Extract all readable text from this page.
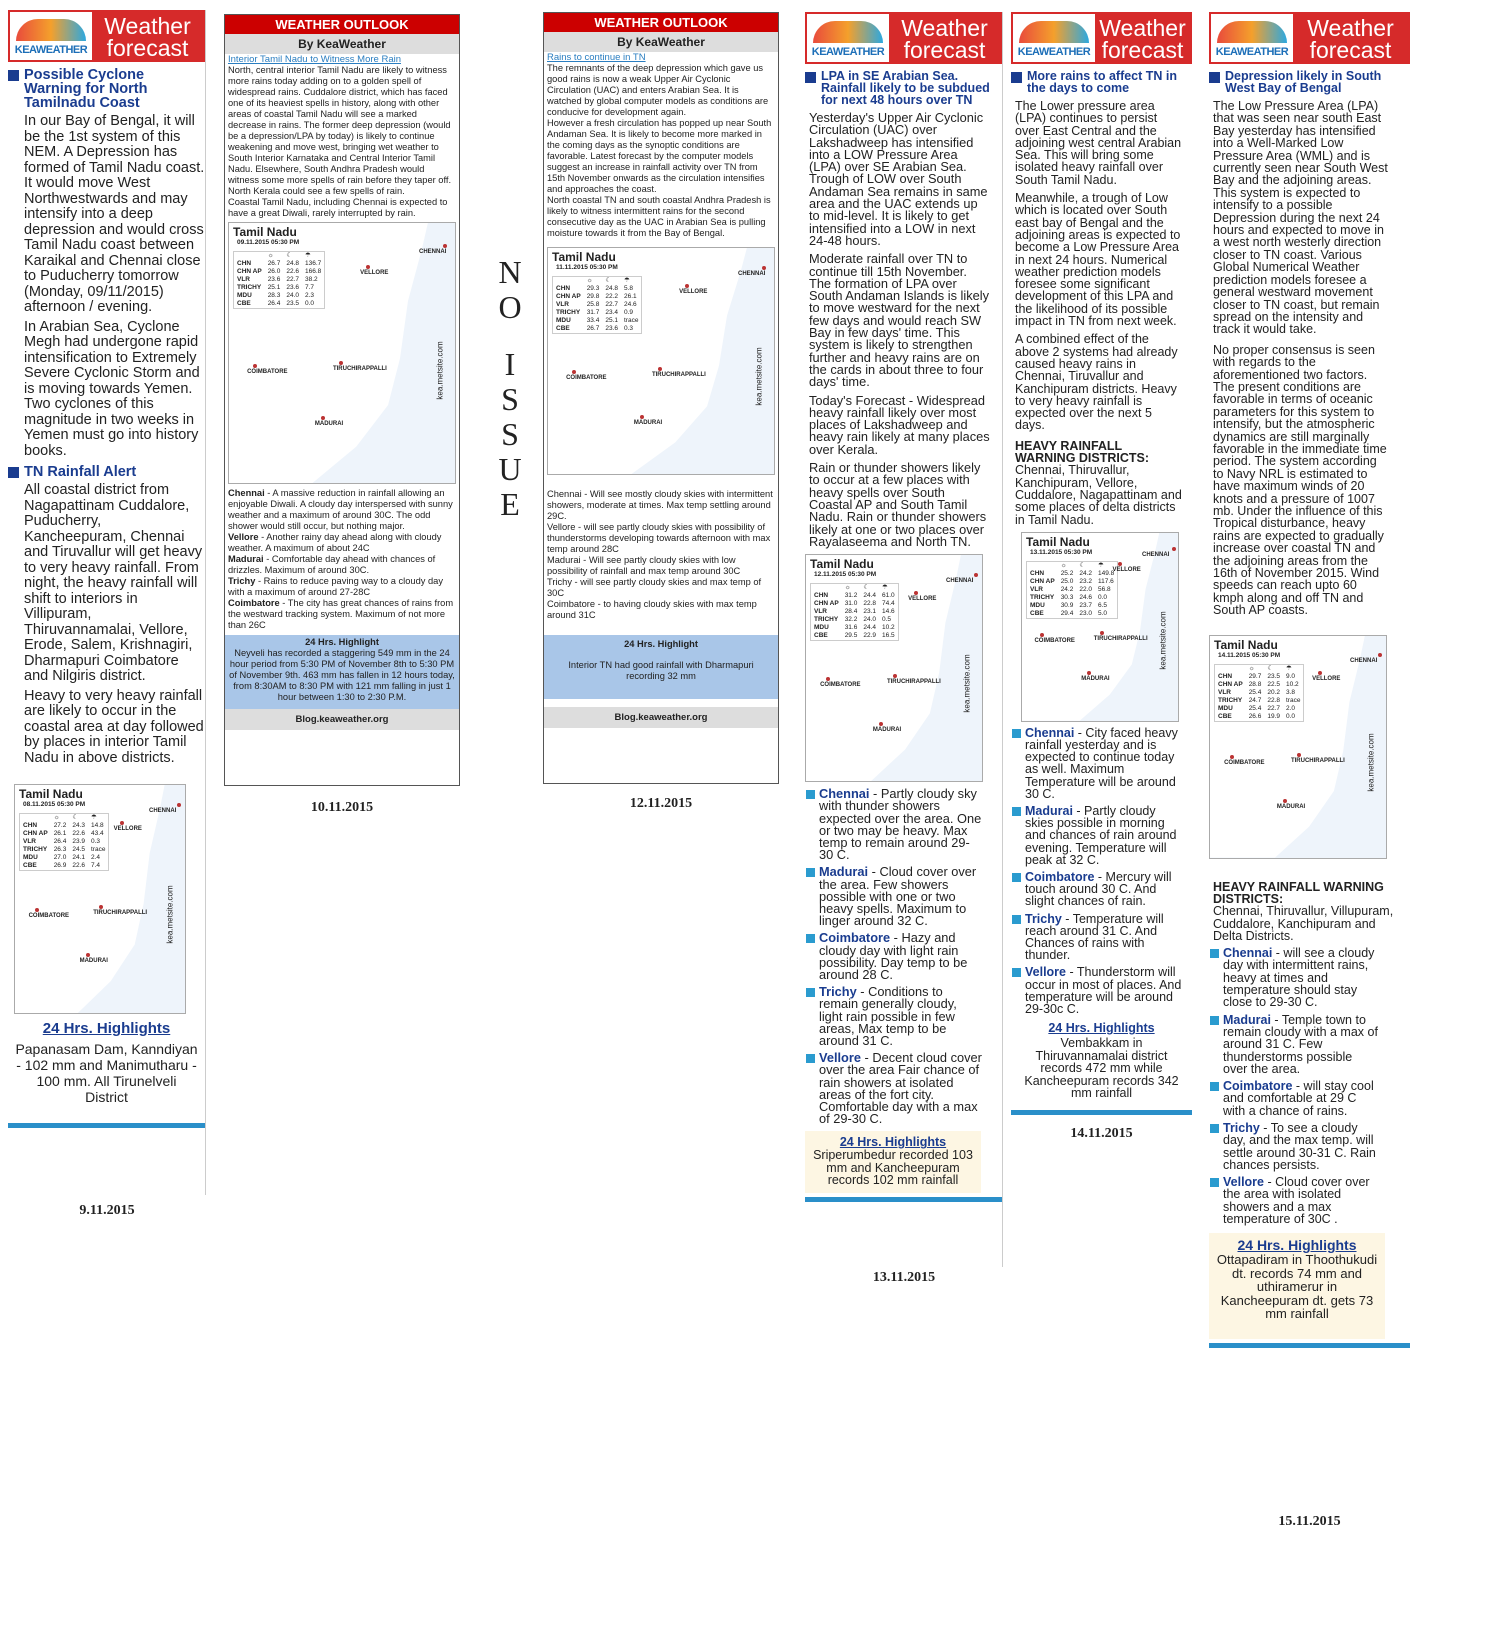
KEAWEATHER
Weather
forecast
Possible Cyclone Warning for North Tamilnadu Coast
In our Bay of Bengal, it will be the 1st system of this NEM. A Depression has formed of Tamil Nadu coast. It would move West Northwestwards and may intensify into a deep depression and would cross Tamil Nadu coast between Karaikal and Chennai close to Puducherry tomorrow (Monday, 09/11/2015) afternoon / evening.
In Arabian Sea, Cyclone Megh had undergone rapid intensification to Extremely Severe Cyclonic Storm and is moving towards Yemen. Two cyclones of this magnitude in two weeks in Yemen must go into history books.
TN Rainfall Alert
All coastal district from Nagapattinam Cuddalore, Puducherry, Kancheepuram, Chennai and Tiruvallur will get heavy to very heavy rainfall. From night, the heavy rainfall will shift to interiors in Villipuram, Thiruvannamalai, Vellore, Erode, Salem, Krishnagiri, Dharmapuri Coimbatore and Nilgiris district.
Heavy to very heavy rainfall are likely to occur in the coastal area at day followed by places in interior Tamil Nadu in above districts.
Tamil Nadu
08.11.2015 05:30 PM
	☼	☾	☂
CHN	27.2	24.3	14.8
CHN AP	26.1	22.6	43.4
VLR	26.4	23.9	0.3
TRICHY	26.3	24.5	trace
MDU	27.0	24.1	2.4
CBE	26.9	22.6	7.4
CHENNAI
VELLORE
COIMBATORE	TIRUCHIRAPPALLI
MADURAI
kea.metsite.com
24 Hrs. Highlights
Papanasam Dam, Kanndiyan - 102 mm and Manimutharu - 100 mm. All Tirunelveli District
9.11.2015
WEATHER OUTLOOK
By KeaWeather
Interior Tamil Nadu to Witness More Rain
North, central interior Tamil Nadu are likely to witness more rains today adding on to a golden spell of widespread rains. Cuddalore district, which has faced one of its heaviest spells in history, along with other areas of coastal Tamil Nadu will see a marked decrease in rains. The former deep depression (would be a depression/LPA by today) is likely to continue weakening and move west, bringing wet weather to South Interior Karnataka and Central Interior Tamil Nadu. Elsewhere, South Andhra Pradesh would witness some more spells of rain before they taper off. North Kerala could see a few spells of rain.
Coastal Tamil Nadu, including Chennai is expected to have a great Diwali, rarely interrupted by rain.
Tamil Nadu
09.11.2015 05:30 PM
	☼	☾	☂
CHN	26.7	24.8	136.7
CHN AP	26.0	22.6	166.8
VLR	23.6	22.7	38.2
TRICHY	25.1	23.6	7.7
MDU	28.3	24.0	2.3
CBE	26.4	23.5	0.0
CHENNAI
VELLORE
COIMBATORE	TIRUCHIRAPPALLI
MADURAI
kea.metsite.com
Chennai - A massive reduction in rainfall allowing an enjoyable Diwali. A cloudy day interspersed with sunny weather and a maximum of around 30C. The odd shower would still occur, but nothing major.
Vellore - Another rainy day ahead along with cloudy weather. A maximum of about 24C
Madurai - Comfortable day ahead with chances of drizzles. Maximum of around 30C.
Trichy - Rains to reduce paving way to a cloudy day with a maximum of around 27-28C
Coimbatore - The city has great chances of rains from the westward tracking system. Maximum of not more than 26C
24 Hrs. Highlight
Neyveli has recorded a staggering 549 mm in the 24 hour period from 5:30 PM of November 8th to 5:30 PM of November 9th. 463 mm has fallen in 12 hours today, from 8:30AM to 8:30 PM with 121 mm falling in just 1 hour between 1:30 to 2:30 P.M.
Blog.keaweather.org
10.11.2015
N
O
I
S
S
U
E
WEATHER OUTLOOK
By KeaWeather
Rains to continue in TN
The remnants of the deep depression which gave us good rains is now a weak Upper Air Cyclonic Circulation (UAC) and enters Arabian Sea. It is watched by global computer models as conditions are conducive for development again.
However a fresh circulation has popped up near South Andaman Sea. It is likely to become more marked in the coming days as the synoptic conditions are favorable. Latest forecast by the computer models suggest an increase in rainfall activity over TN from 15th November onwards as the circulation intensifies and approaches the coast.
North coastal TN and south coastal Andhra Pradesh is likely to witness intermittent rains for the second consecutive day as the UAC in Arabian Sea is pulling moisture towards it from the Bay of Bengal.
Tamil Nadu
11.11.2015 05:30 PM
	☼	☾	☂
CHN	29.3	24.8	5.8
CHN AP	29.8	22.2	26.1
VLR	25.8	22.7	24.6
TRICHY	31.7	23.4	0.9
MDU	33.4	25.1	trace
CBE	26.7	23.6	0.3
CHENNAI
VELLORE
COIMBATORE	TIRUCHIRAPPALLI
MADURAI
kea.metsite.com
Chennai - Will see mostly cloudy skies with intermittent showers, moderate at times. Max temp settling around 29C.
Vellore - will see partly cloudy skies with possibility of thunderstorms developing towards afternoon with max temp around 28C
Madurai - Will see partly cloudy skies with low possibility of rainfall and max temp around 30C
Trichy - will see partly cloudy skies and max temp of 30C
Coimbatore - to having cloudy skies with max temp around 31C
24 Hrs. Highlight
Interior TN had good rainfall with Dharmapuri recording 32 mm
Blog.keaweather.org
12.11.2015
KEAWEATHER
Weather
forecast
LPA in SE Arabian Sea. Rainfall likely to be subdued for next 48 hours over TN
Yesterday's Upper Air Cyclonic Circulation (UAC) over Lakshadweep has intensified into a LOW Pressure Area (LPA) over SE Arabian Sea. Trough of LOW over South Andaman Sea remains in same area and the UAC extends up to mid-level. It is likely to get intensified into a LOW in next 24-48 hours.
Moderate rainfall over TN to continue till 15th November. The formation of LPA over South Andaman Islands is likely to move westward for the next few days and would reach SW Bay in few days' time. This system is likely to strengthen further and heavy rains are on the cards in about three to four days' time.
Today's Forecast - Widespread heavy rainfall likely over most places of Lakshadweep and heavy rain likely at many places over Kerala.
Rain or thunder showers likely to occur at a few places with heavy spells over South Coastal AP and South Tamil Nadu. Rain or thunder showers likely at one or two places over Rayalaseema and North TN.
Tamil Nadu
12.11.2015 05:30 PM
	☼	☾	☂
CHN	31.2	24.4	61.0
CHN AP	31.0	22.8	74.4
VLR	28.4	23.1	14.6
TRICHY	32.2	24.0	0.5
MDU	31.6	24.4	10.2
CBE	29.5	22.9	16.5
CHENNAI
VELLORE
COIMBATORE	TIRUCHIRAPPALLI
MADURAI
kea.metsite.com
Chennai - Partly cloudy sky with thunder showers expected over the area. One or two may be heavy. Max temp to remain around 29-30 C.
Madurai - Cloud cover over the area. Few showers possible with one or two heavy spells. Maximum to linger around 32 C.
Coimbatore - Hazy and cloudy day with light rain possibility. Day temp to be around 28 C.
Trichy - Conditions to remain generally cloudy, light rain possible in few areas, Max temp to be around 31 C.
Vellore - Decent cloud cover over the area Fair chance of rain showers at isolated areas of the fort city. Comfortable day with a max of 29-30 C.
24 Hrs. Highlights
Sriperumbedur recorded 103 mm and Kancheepuram records 102 mm rainfall
13.11.2015
KEAWEATHER
Weather
forecast
More rains to affect TN in the days to come
The Lower pressure area (LPA) continues to persist over East Central and the adjoining west central Arabian Sea. This will bring some isolated heavy rainfall over South Tamil Nadu.
Meanwhile, a trough of Low which is located over South east bay of Bengal and the adjoining areas is expected to become a Low Pressure Area in next 24 hours. Numerical weather prediction models foresee some significant development of this LPA and the likelihood of its possible impact in TN from next week.
A combined effect of the above 2 systems had already caused heavy rains in Chennai, Tiruvallur and Kanchipuram districts. Heavy to very heavy rainfall is expected over the next 5 days.
HEAVY RAINFALL WARNING DISTRICTS:
Chennai, Thiruvallur, Kanchipuram, Vellore, Cuddalore, Nagapattinam and some places of delta districts in Tamil Nadu.
Tamil Nadu
13.11.2015 05:30 PM
	☼	☾	☂
CHN	25.2	24.2	149.8
CHN AP	25.0	23.2	117.6
VLR	24.2	22.0	56.8
TRICHY	30.3	24.6	0.0
MDU	30.9	23.7	6.5
CBE	29.4	23.0	5.0
CHENNAI
VELLORE
COIMBATORE	TIRUCHIRAPPALLI
MADURAI
kea.metsite.com
Chennai - City faced heavy rainfall yesterday and is expected to continue today as well. Maximum Temperature will be around 30 C.
Madurai - Partly cloudy skies possible in morning and chances of rain around evening. Temperature will peak at 32 C.
Coimbatore - Mercury will touch around 30 C. And slight chances of rain.
Trichy - Temperature will reach around 31 C. And Chances of rains with thunder.
Vellore - Thunderstorm will occur in most of places. And temperature will be around 29-30c C.
24 Hrs. Highlights
Vembakkam in Thiruvannamalai district records 472 mm while Kancheepuram records 342 mm rainfall
14.11.2015
KEAWEATHER
Weather
forecast
Depression likely in South West Bay of Bengal
The Low Pressure Area (LPA) that was seen near south East Bay yesterday has intensified into a Well-Marked Low Pressure Area (WML) and is currently seen near South West Bay and the adjoining areas. This system is expected to intensify to a possible Depression during the next 24 hours and expected to move in a west north westerly direction closer to TN coast. Various Global Numerical Weather prediction models foresee a general westward movement closer to TN coast, but remain spread on the intensity and track it would take.
No proper consensus is seen with regards to the aforementioned two factors. The present conditions are favorable in terms of oceanic parameters for this system to intensify, but the atmospheric dynamics are still marginally favorable in the immediate time period. The system according to Navy NRL is estimated to have maximum winds of 20 knots and a pressure of 1007 mb. Under the influence of this Tropical disturbance, heavy rains are expected to gradually increase over coastal TN and the adjoining areas from the 16th of November 2015. Wind speeds can reach upto 60 kmph along and off TN and South AP coasts.
Tamil Nadu
14.11.2015 05:30 PM
	☼	☾	☂
CHN	29.7	23.5	9.0
CHN AP	28.8	22.5	10.2
VLR	25.4	20.2	3.8
TRICHY	24.7	22.8	trace
MDU	25.4	22.7	2.0
CBE	26.6	19.9	0.0
CHENNAI
VELLORE
COIMBATORE	TIRUCHIRAPPALLI
MADURAI
kea.metsite.com
HEAVY RAINFALL WARNING DISTRICTS:
Chennai, Thiruvallur, Villupuram, Cuddalore, Kanchipuram and Delta Districts.
Chennai - will see a cloudy day with intermittent rains, heavy at times and temperature should stay close to 29-30 C.
Madurai - Temple town to remain cloudy with a max of around 31 C. Few thunderstorms possible over the area.
Coimbatore - will stay cool and comfortable at 29 C with a chance of rains.
Trichy - To see a cloudy day, and the max temp. will settle around 30-31 C. Rain chances persists.
Vellore - Cloud cover over the area with isolated showers and a max temperature of 30C .
24 Hrs. Highlights
Ottapadiram in Thoothukudi dt. records 74 mm and uthiramerur in Kancheepuram dt. gets 73 mm rainfall
15.11.2015
